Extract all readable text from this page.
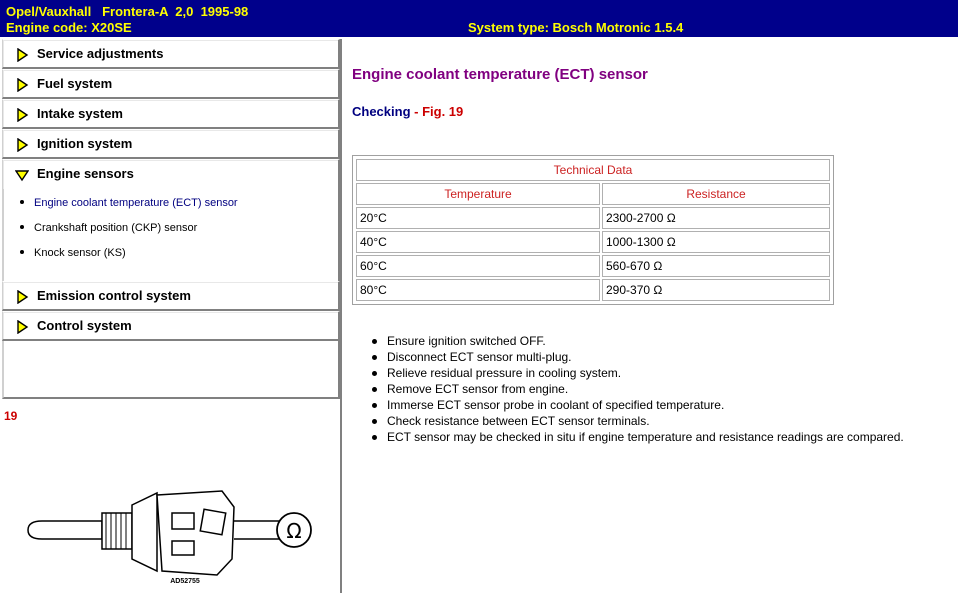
Opel/Vauxhall   Frontera-A  2,0  1995-98
Engine code: X20SE	System type: Bosch Motronic 1.5.4
Service adjustments
Fuel system
Intake system
Ignition system
Engine sensors
Engine coolant temperature (ECT) sensor
Crankshaft position (CKP) sensor
Knock sensor (KS)
Emission control system
Control system
19
Ω
AD52755
Engine coolant temperature (ECT) sensor
Checking - Fig. 19
Technical Data	
Temperature	Resistance
20°C	2300-2700 Ω
40°C	1000-1300 Ω
60°C	560-670 Ω
80°C	290-370 Ω
Ensure ignition switched OFF.
Disconnect ECT sensor multi-plug.
Relieve residual pressure in cooling system.
Remove ECT sensor from engine.
Immerse ECT sensor probe in coolant of specified temperature.
Check resistance between ECT sensor terminals.
ECT sensor may be checked in situ if engine temperature and resistance readings are compared.
